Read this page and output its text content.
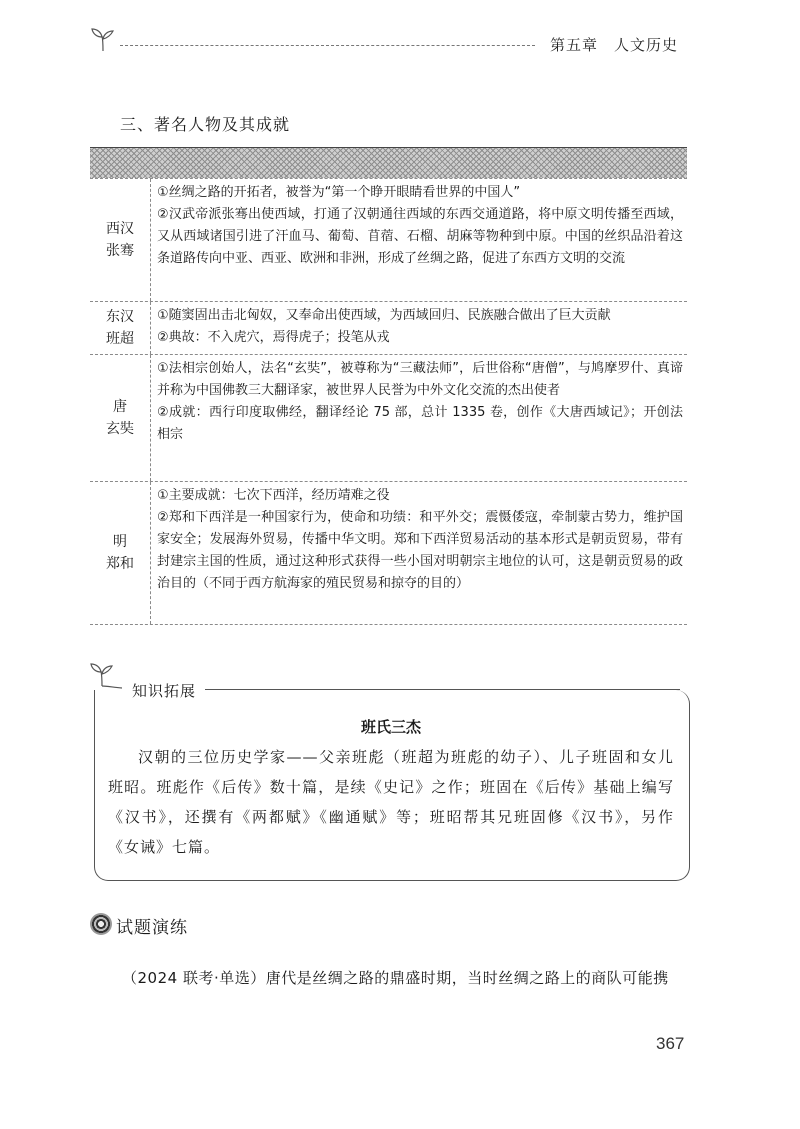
第五章　人文历史
三、著名人物及其成就
西汉
张骞

①丝绸之路的开拓者，被誉为“第一个睁开眼睛看世界的中国人”

②汉武帝派张骞出使西域，打通了汉朝通往西域的东西交通道路，将中原文明传播至西域，又从西域诸国引进了汗血马、葡萄、苜蓿、石榴、胡麻等物种到中原。中国的丝织品沿着这条道路传向中亚、西亚、欧洲和非洲，形成了丝绸之路，促进了东西方文明的交流

东汉
班超

①随窦固出击北匈奴，又奉命出使西域，为西域回归、民族融合做出了巨大贡献

②典故：不入虎穴，焉得虎子；投笔从戎

唐
玄奘

①法相宗创始人，法名“玄奘”，被尊称为“三藏法师”，后世俗称“唐僧”，与鸠摩罗什、真谛并称为中国佛教三大翻译家，被世界人民誉为中外文化交流的杰出使者

②成就：西行印度取佛经，翻译经论 75 部，总计 1335 卷，创作《大唐西域记》；开创法相宗

明
郑和

①主要成就：七次下西洋，经历靖难之役

②郑和下西洋是一种国家行为，使命和功绩：和平外交；震慑倭寇，牵制蒙古势力，维护国家安全；发展海外贸易，传播中华文明。郑和下西洋贸易活动的基本形式是朝贡贸易，带有封建宗主国的性质，通过这种形式获得一些小国对明朝宗主地位的认可，这是朝贡贸易的政治目的（不同于西方航海家的殖民贸易和掠夺的目的）

知识拓展
班氏三杰

汉朝的三位历史学家——父亲班彪（班超为班彪的幼子）、儿子班固和女儿班昭。班彪作《后传》数十篇，是续《史记》之作；班固在《后传》基础上编写《汉书》，还撰有《两都赋》《幽通赋》等；班昭帮其兄班固修《汉书》，另作《女诫》七篇。

试题演练
（2024 联考·单选）唐代是丝绸之路的鼎盛时期，当时丝绸之路上的商队可能携
367
